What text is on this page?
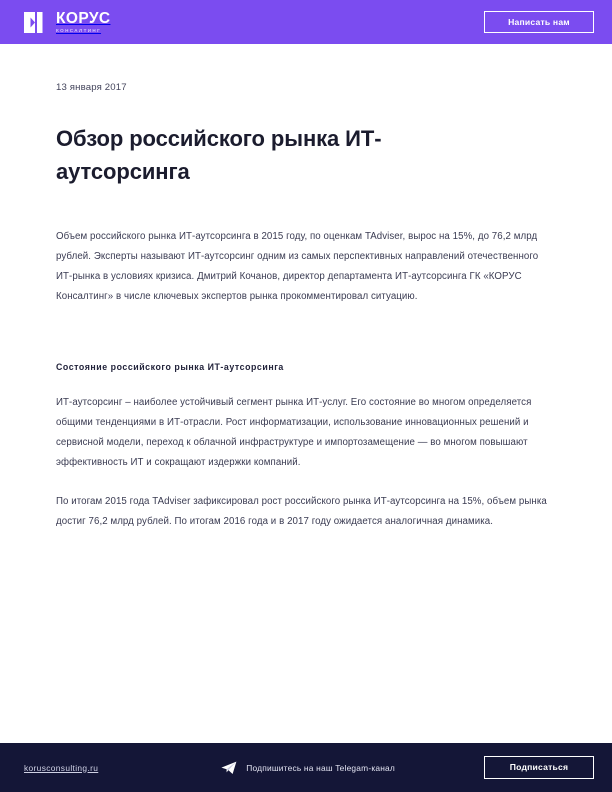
КОРУС
КОНСАЛТИНГ
Написать нам
13 января 2017
Обзор российского рынка ИТ-аутсорсинга

Объем российского рынка ИТ-аутсорсинга в 2015 году, по оценкам TAdviser, вырос на 15%, до 76,2 млрд рублей. Эксперты называют ИТ-аутсорсинг одним из самых перспективных направлений отечественного ИТ-рынка в условиях кризиса. Дмитрий Кочанов, директор департамента ИТ-аутсорсинга ГК «КОРУС Консалтинг» в числе ключевых экспертов рынка прокомментировал ситуацию.

Состояние российского рынка ИТ-аутсорсинга

ИТ-аутсорсинг – наиболее устойчивый сегмент рынка ИТ-услуг. Его состояние во многом определяется общими тенденциями в ИТ-отрасли. Рост информатизации, использование инновационных решений и сервисной модели, переход к облачной инфраструктуре и импортозамещение — во многом повышают эффективность ИТ и сокращают издержки компаний.

По итогам 2015 года TAdviser зафиксировал рост российского рынка ИТ-аутсорсинга на 15%, объем рынка достиг 76,2 млрд рублей. По итогам 2016 года и в 2017 году ожидается аналогичная динамика.

korusconsulting.ru	Подпишитесь на наш Telegam-канал	Подписаться
